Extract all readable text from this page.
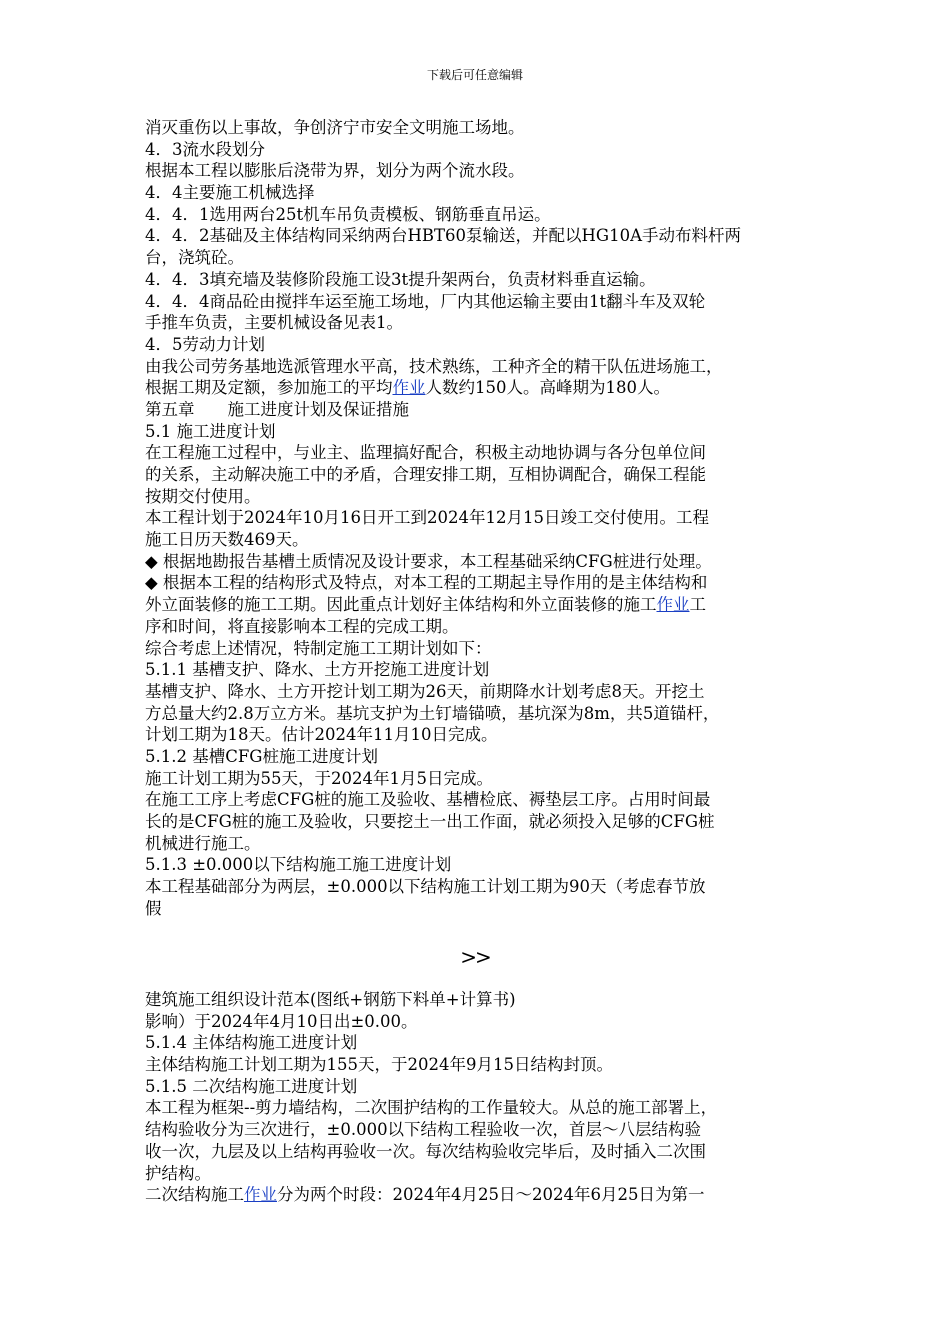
下载后可任意编辑
消灭重伤以上事故，争创济宁市安全文明施工场地。
4．3流水段划分
根据本工程以膨胀后浇带为界，划分为两个流水段。
4．4主要施工机械选择
4．4．1选用两台25t机车吊负责模板、钢筋垂直吊运。
4．4．2基础及主体结构同采纳两台HBT60泵输送，并配以HG10A手动布料杆两
台，浇筑砼。
4．4．3填充墙及装修阶段施工设3t提升架两台，负责材料垂直运输。
4．4．4商品砼由搅拌车运至施工场地，厂内其他运输主要由1t翻斗车及双轮
手推车负责，主要机械设备见表1。
4．5劳动力计划
由我公司劳务基地选派管理水平高，技术熟练，工种齐全的精干队伍进场施工，
根据工期及定额，参加施工的平均作业人数约150人。高峰期为180人。
第五章　　施工进度计划及保证措施
5.1 施工进度计划
在工程施工过程中，与业主、监理搞好配合，积极主动地协调与各分包单位间
的关系，主动解决施工中的矛盾，合理安排工期，互相协调配合，确保工程能
按期交付使用。
本工程计划于2024年10月16日开工到2024年12月15日竣工交付使用。工程
施工日历天数469天。
◆ 根据地勘报告基槽土质情况及设计要求，本工程基础采纳CFG桩进行处理。
◆ 根据本工程的结构形式及特点，对本工程的工期起主导作用的是主体结构和
外立面装修的施工工期。因此重点计划好主体结构和外立面装修的施工作业工
序和时间，将直接影响本工程的完成工期。
综合考虑上述情况，特制定施工工期计划如下：
5.1.1 基槽支护、降水、土方开挖施工进度计划
基槽支护、降水、土方开挖计划工期为26天，前期降水计划考虑8天。开挖土
方总量大约2.8万立方米。基坑支护为土钉墙锚喷，基坑深为8m，共5道锚杆，
计划工期为18天。估计2024年11月10日完成。
5.1.2 基槽CFG桩施工进度计划
施工计划工期为55天，于2024年1月5日完成。
在施工工序上考虑CFG桩的施工及验收、基槽检底、褥垫层工序。占用时间最
长的是CFG桩的施工及验收，只要挖土一出工作面，就必须投入足够的CFG桩
机械进行施工。
5.1.3 ±0.000以下结构施工施工进度计划
本工程基础部分为两层，±0.000以下结构施工计划工期为90天（考虑春节放
假
>>
建筑施工组织设计范本(图纸+钢筋下料单+计算书)
影响）于2024年4月10日出±0.00。
5.1.4 主体结构施工进度计划
主体结构施工计划工期为155天，于2024年9月15日结构封顶。
5.1.5 二次结构施工进度计划
本工程为框架--剪力墙结构，二次围护结构的工作量较大。从总的施工部署上，
结构验收分为三次进行，±0.000以下结构工程验收一次，首层～八层结构验
收一次，九层及以上结构再验收一次。每次结构验收完毕后，及时插入二次围
护结构。
二次结构施工作业分为两个时段：2024年4月25日～2024年6月25日为第一
